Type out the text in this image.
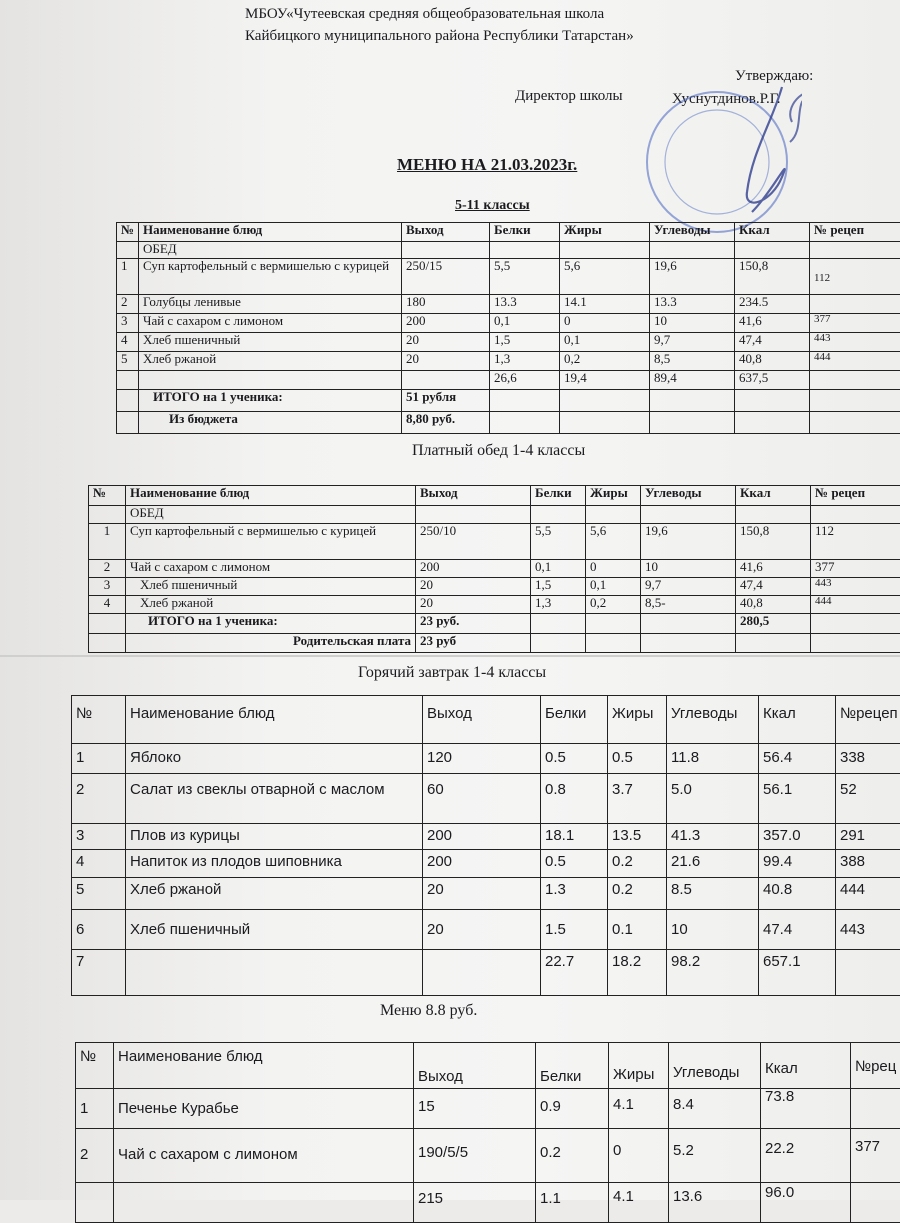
МБОУ«Чутеевская средняя общеобразовательная школа
Кайбицкого муниципального района Республики Татарстан»
Утверждаю:
Директор школы	Хуснутдинов.Р.Г.
МЕНЮ НА 21.03.2023г.
5-11 классы
№	Наименование блюд	Выход	Белки	Жиры	Углеводы	Ккал	№ рецеп
	ОБЕД						
1	Суп картофельный с вермишелью с курицей	250/15	5,5	5,6	19,6	150,8	112
2	Голубцы ленивые	180	13.3	14.1	13.3	234.5	
3	Чай с сахаром с лимоном	200	0,1	0	10	41,6	377
4	Хлеб пшеничный	20	1,5	0,1	9,7	47,4	443
5	Хлеб ржаной	20	1,3	0,2	8,5	40,8	444
			26,6	19,4	89,4	637,5	
	ИТОГО на 1 ученика:	51 рубля					
	Из бюджета	8,80 руб.					
Платный обед 1-4 классы
№	Наименование блюд	Выход	Белки	Жиры	Углеводы	Ккал	№ рецеп
	ОБЕД						
1	Суп картофельный с вермишелью с курицей	250/10	5,5	5,6	19,6	150,8	112
2	Чай с сахаром с лимоном	200	0,1	0	10	41,6	377
3	Хлеб пшеничный	20	1,5	0,1	9,7	47,4	443
4	Хлеб ржаной	20	1,3	0,2	8,5-	40,8	444
	ИТОГО на 1 ученика:	23 руб.				280,5	
	Родительская плата	23 руб					
Горячий завтрак 1-4 классы
№	Наименование блюд	Выход	Белки	Жиры	Углеводы	Ккал	№рецеп
1	Яблоко	120	0.5	0.5	11.8	56.4	338
2	Салат из свеклы отварной с маслом	60	0.8	3.7	5.0	56.1	52
3	Плов из курицы	200	18.1	13.5	41.3	357.0	291
4	Напиток из плодов шиповника	200	0.5	0.2	21.6	99.4	388
5	Хлеб ржаной	20	1.3	0.2	8.5	40.8	444
6	Хлеб пшеничный	20	1.5	0.1	10	47.4	443
7			22.7	18.2	98.2	657.1	
Меню 8.8 руб.
№	Наименование блюд	Выход	Белки	Жиры	Углеводы	Ккал	№рец
1	Печенье Курабье	15	0.9	4.1	8.4	73.8	
2	Чай с сахаром с лимоном	190/5/5	0.2	0	5.2	22.2	377
		215	1.1	4.1	13.6	96.0	
